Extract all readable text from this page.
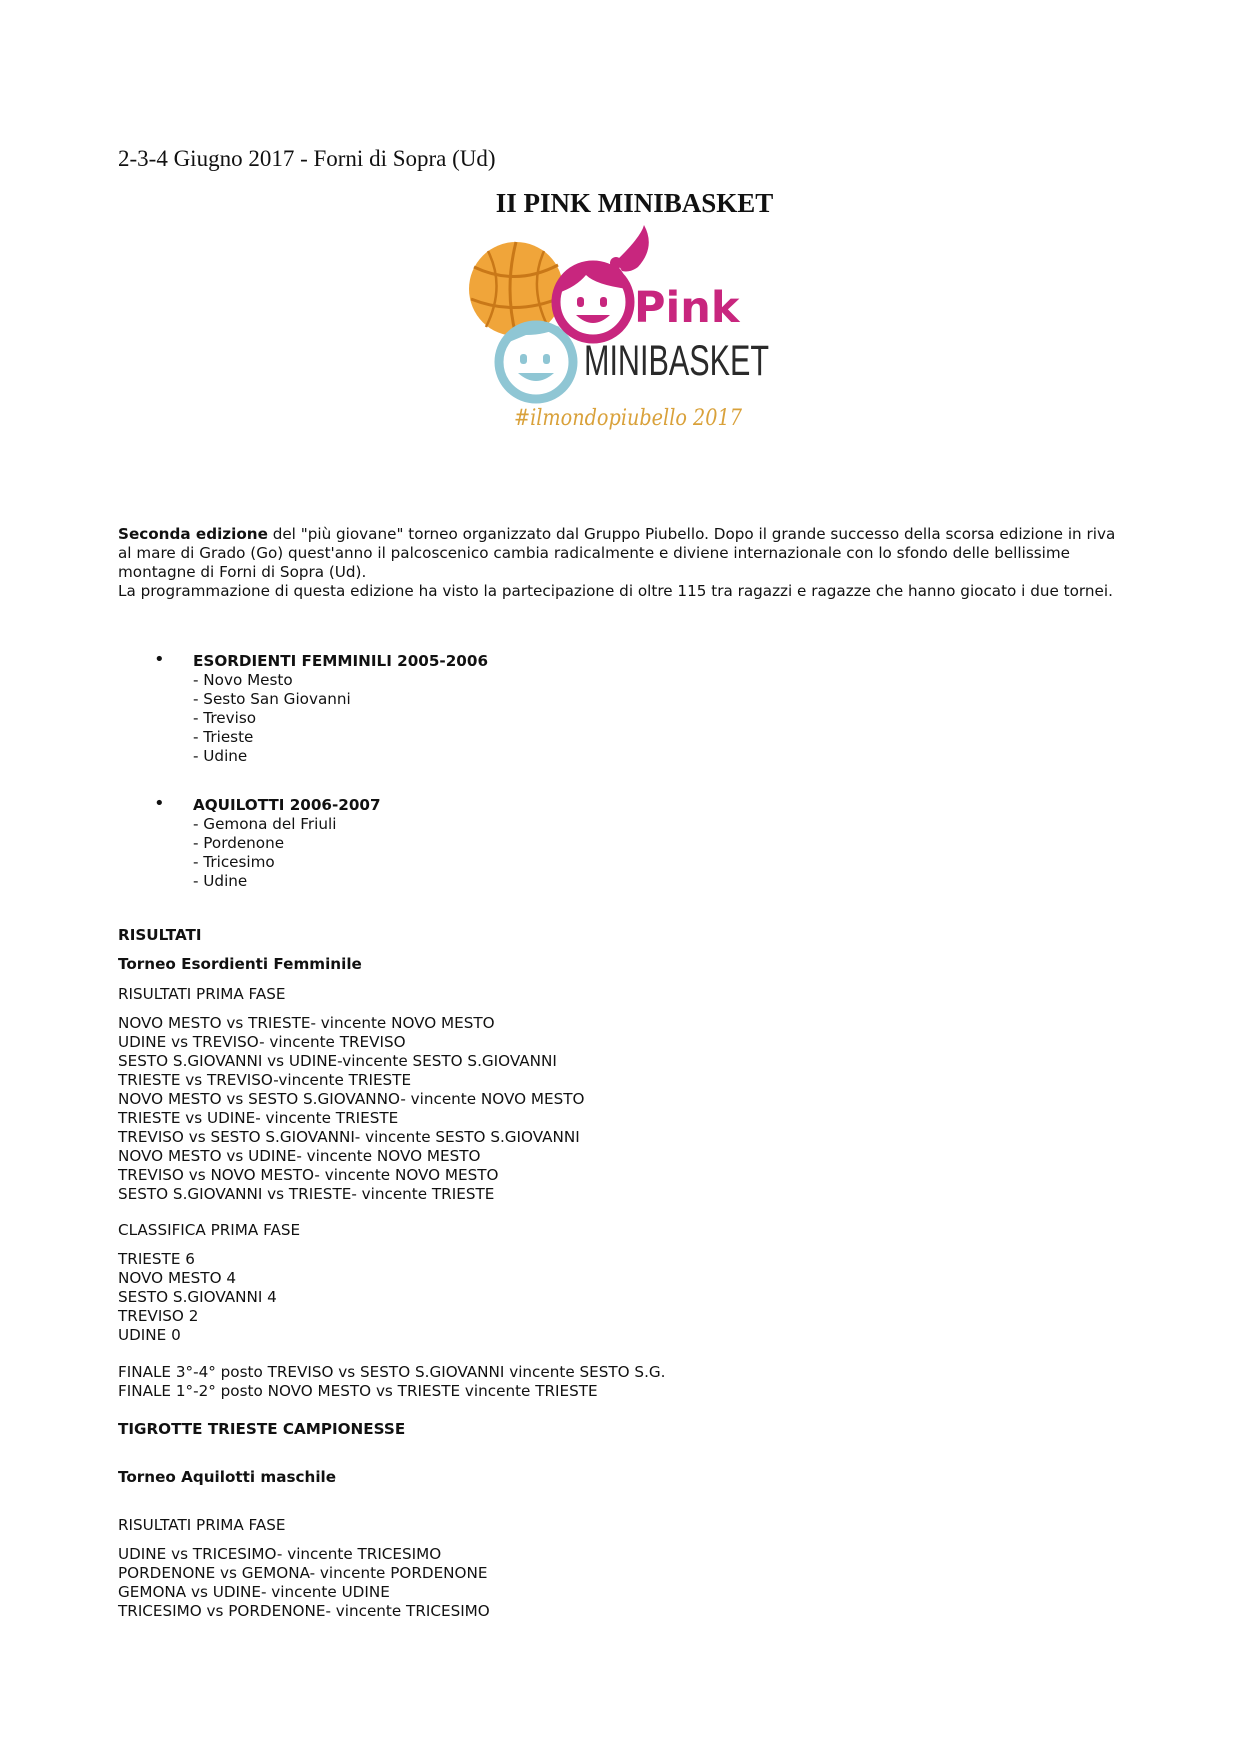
2-3-4 Giugno 2017 - Forni di Sopra (Ud)
II PINK MINIBASKET
Pink
MINIBASKET
#ilmondopiubello 2017
Seconda edizione del "più giovane" torneo organizzato dal Gruppo Piubello. Dopo il grande successo della scorsa edizione in riva al mare di Grado (Go) quest'anno il palcoscenico cambia radicalmente e diviene internazionale con lo sfondo delle bellissime montagne di Forni di Sopra (Ud).
La programmazione di questa edizione ha visto la partecipazione di oltre 115 tra ragazzi e ragazze che hanno giocato i due tornei.
• ESORDIENTI FEMMINILI 2005-2006
- Novo Mesto
- Sesto San Giovanni
- Treviso
- Trieste
- Udine
• AQUILOTTI 2006-2007
- Gemona del Friuli
- Pordenone
- Tricesimo
- Udine
RISULTATI
Torneo Esordienti Femminile
RISULTATI PRIMA FASE
NOVO MESTO vs TRIESTE- vincente NOVO MESTO
UDINE vs TREVISO- vincente TREVISO
SESTO S.GIOVANNI vs UDINE-vincente SESTO S.GIOVANNI
TRIESTE vs TREVISO-vincente TRIESTE
NOVO MESTO vs SESTO S.GIOVANNO- vincente NOVO MESTO
TRIESTE vs UDINE- vincente TRIESTE
TREVISO vs SESTO S.GIOVANNI- vincente SESTO S.GIOVANNI
NOVO MESTO vs UDINE- vincente NOVO MESTO
TREVISO vs NOVO MESTO- vincente NOVO MESTO
SESTO S.GIOVANNI vs TRIESTE- vincente TRIESTE
CLASSIFICA PRIMA FASE
TRIESTE 6
NOVO MESTO 4
SESTO S.GIOVANNI 4
TREVISO 2
UDINE 0
FINALE 3°-4° posto TREVISO vs SESTO S.GIOVANNI vincente SESTO S.G.
FINALE 1°-2° posto NOVO MESTO vs TRIESTE vincente TRIESTE
TIGROTTE TRIESTE CAMPIONESSE
Torneo Aquilotti maschile
RISULTATI PRIMA FASE
UDINE vs TRICESIMO- vincente TRICESIMO
PORDENONE vs GEMONA- vincente PORDENONE
GEMONA vs UDINE- vincente UDINE
TRICESIMO vs PORDENONE- vincente TRICESIMO
